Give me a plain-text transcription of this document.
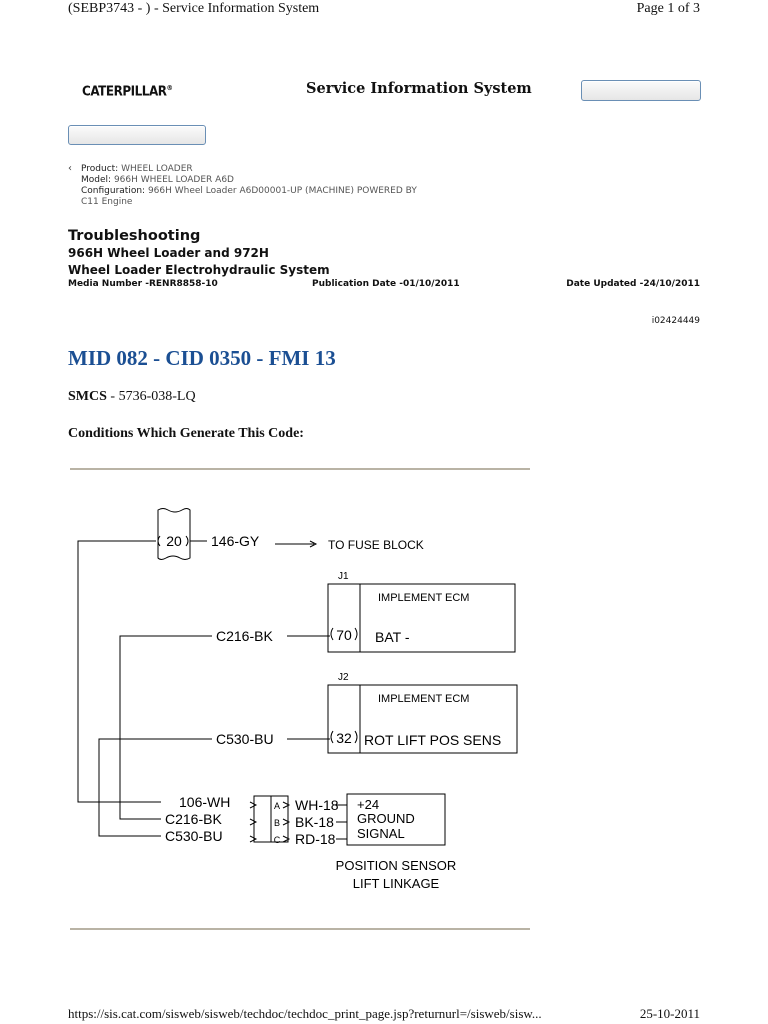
(SEBP3743 - ) - Service Information System	Page 1 of 3
CATERPILLAR®	Service Information System
‹ Product: WHEEL LOADER
Model: 966H WHEEL LOADER A6D
Configuration: 966H Wheel Loader A6D00001-UP (MACHINE) POWERED BY
C11 Engine
Troubleshooting
966H Wheel Loader and 972H
Wheel Loader Electrohydraulic System
Media Number -RENR8858-10	Publication Date -01/10/2011	Date Updated -24/10/2011
i02424449
MID 082 - CID 0350 - FMI 13
SMCS - 5736-038-LQ
Conditions Which Generate This Code:
20 146-GY	TO FUSE BLOCK
J1
IMPLEMENT ECM
70 BAT -
C216-BK
J2
IMPLEMENT ECM
32 ROT LIFT POS SENS
C530-BU
106-WH
C216-BK
C530-BU
A
B
C
WH-18
BK-18
RD-18
+24
GROUND
SIGNAL
POSITION SENSOR
LIFT LINKAGE
https://sis.cat.com/sisweb/sisweb/techdoc/techdoc_print_page.jsp?returnurl=/sisweb/sisw...	25-10-2011
